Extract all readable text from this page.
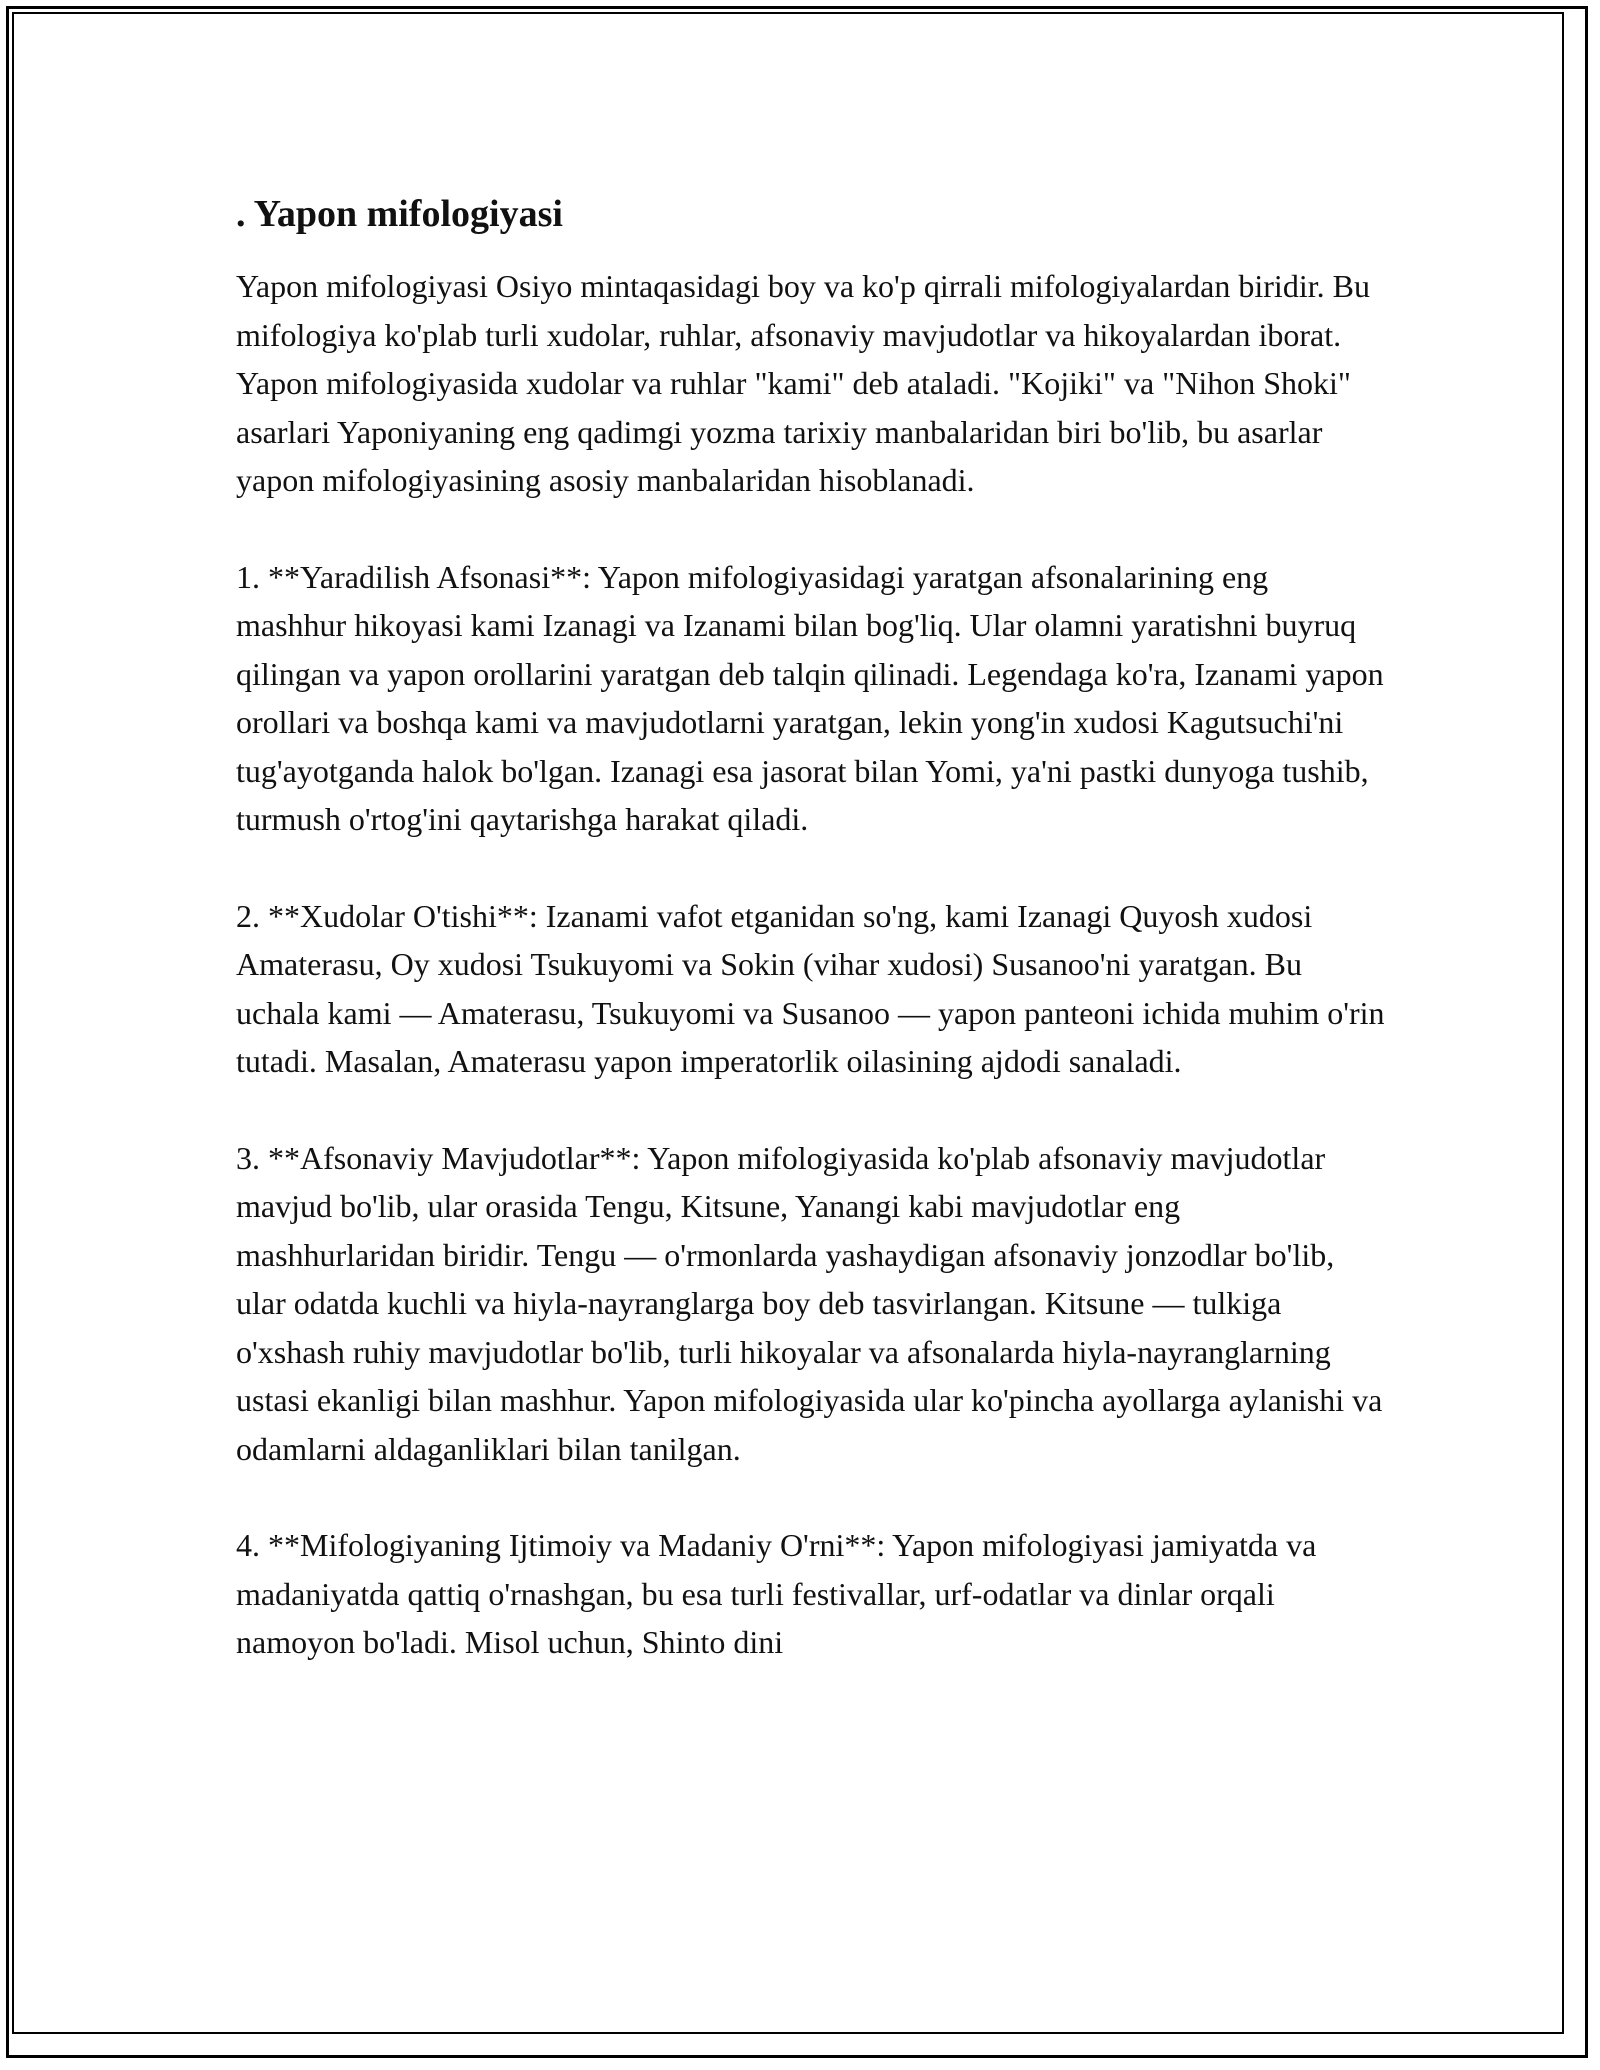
. Yapon mifologiyasi

Yapon mifologiyasi Osiyo mintaqasidagi boy va ko'p qirrali mifologiyalardan biridir. Bu mifologiya ko'plab turli xudolar, ruhlar, afsonaviy mavjudotlar va hikoyalardan iborat. Yapon mifologiyasida xudolar va ruhlar "kami" deb ataladi. "Kojiki" va "Nihon Shoki" asarlari Yaponiyaning eng qadimgi yozma tarixiy manbalaridan biri bo'lib, bu asarlar yapon mifologiyasining asosiy manbalaridan hisoblanadi.

1. **Yaradilish Afsonasi**: Yapon mifologiyasidagi yaratgan afsonalarining eng mashhur hikoyasi kami Izanagi va Izanami bilan bog'liq. Ular olamni yaratishni buyruq qilingan va yapon orollarini yaratgan deb talqin qilinadi. Legendaga ko'ra, Izanami yapon orollari va boshqa kami va mavjudotlarni yaratgan, lekin yong'in xudosi Kagutsuchi'ni tug'ayotganda halok bo'lgan. Izanagi esa jasorat bilan Yomi, ya'ni pastki dunyoga tushib, turmush o'rtog'ini qaytarishga harakat qiladi.

2. **Xudolar O'tishi**: Izanami vafot etganidan so'ng, kami Izanagi Quyosh xudosi Amaterasu, Oy xudosi Tsukuyomi va Sokin (vihar xudosi) Susanoo'ni yaratgan. Bu uchala kami — Amaterasu, Tsukuyomi va Susanoo — yapon panteoni ichida muhim o'rin tutadi. Masalan, Amaterasu yapon imperatorlik oilasining ajdodi sanaladi.

3. **Afsonaviy Mavjudotlar**: Yapon mifologiyasida ko'plab afsonaviy mavjudotlar mavjud bo'lib, ular orasida Tengu, Kitsune, Yanangi kabi mavjudotlar eng mashhurlaridan biridir. Tengu — o'rmonlarda yashaydigan afsonaviy jonzodlar bo'lib, ular odatda kuchli va hiyla-nayranglarga boy deb tasvirlangan. Kitsune — tulkiga o'xshash ruhiy mavjudotlar bo'lib, turli hikoyalar va afsonalarda hiyla-nayranglarning ustasi ekanligi bilan mashhur. Yapon mifologiyasida ular ko'pincha ayollarga aylanishi va odamlarni aldaganliklari bilan tanilgan.

4. **Mifologiyaning Ijtimoiy va Madaniy O'rni**: Yapon mifologiyasi jamiyatda va madaniyatda qattiq o'rnashgan, bu esa turli festivallar, urf-odatlar va dinlar orqali namoyon bo'ladi. Misol uchun, Shinto dini
